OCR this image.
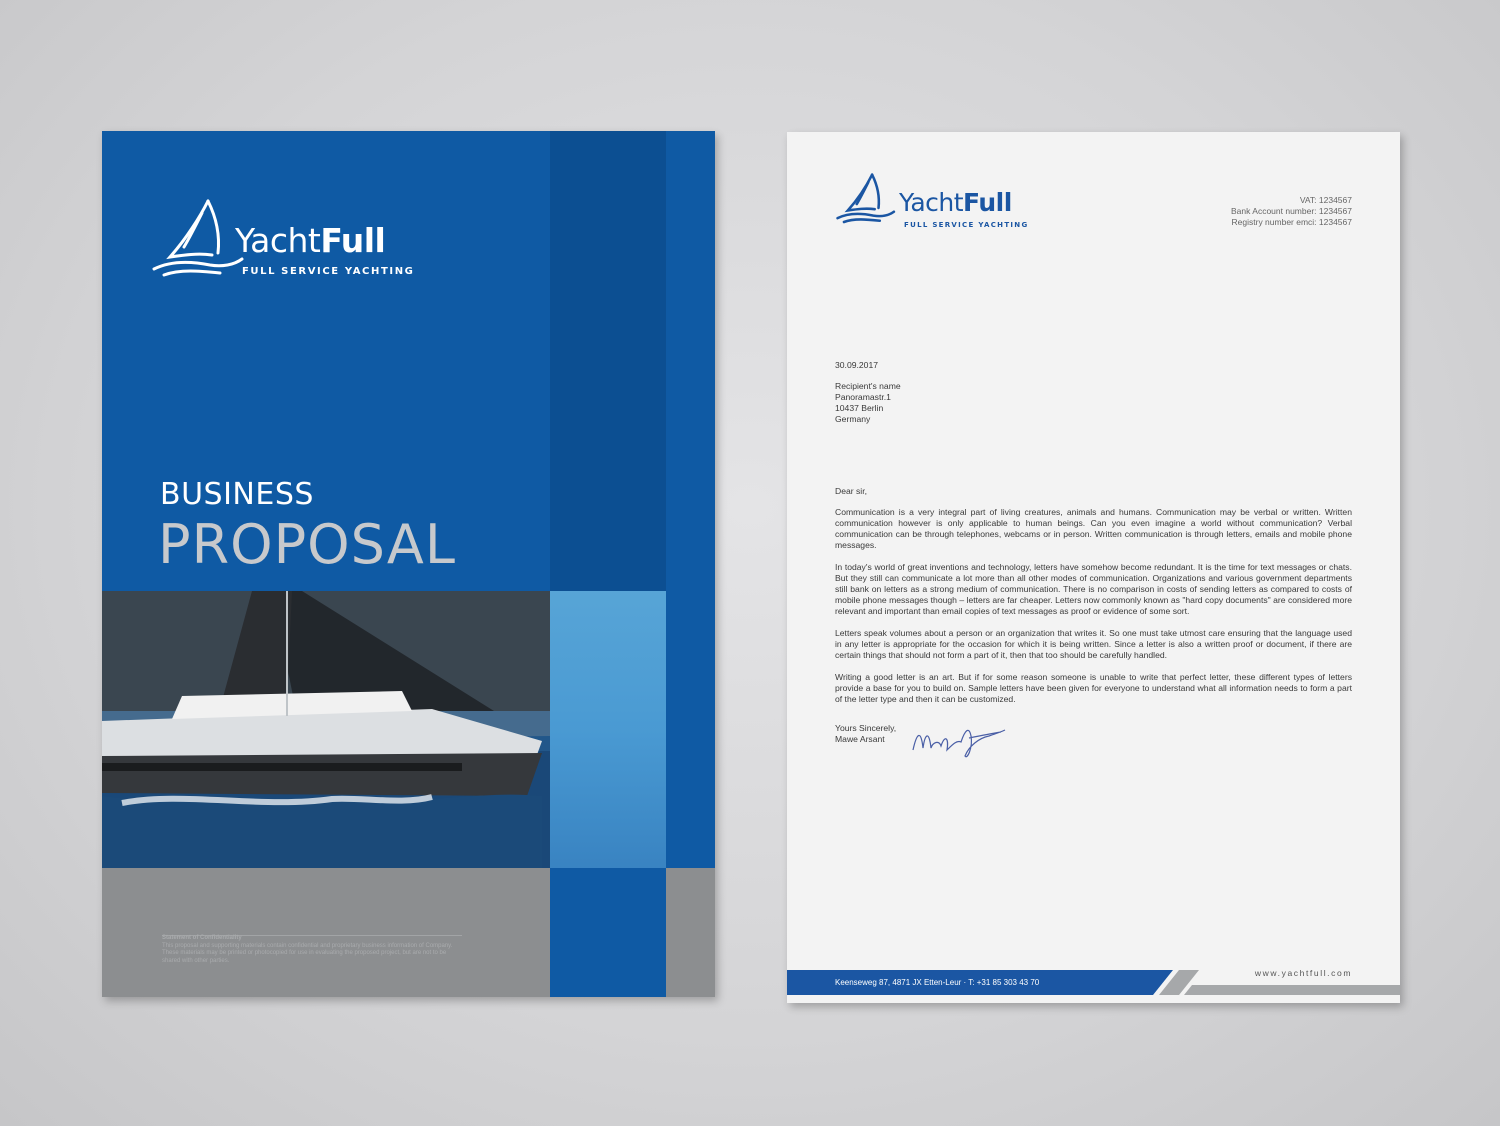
YachtFull
FULL SERVICE YACHTING
BUSINESS
PROPOSAL
Statement of Confidentiality
This proposal and supporting materials contain confidential and proprietary business information of Company. These materials may be printed or photocopied for use in evaluating the proposed project, but are not to be shared with other parties.
YachtFull
FULL SERVICE YACHTING
VAT: 1234567
Bank Account number: 1234567
Registry number emci: 1234567
30.09.2017
Recipient's name
Panoramastr.1
10437 Berlin
Germany
Dear sir,

Communication is a very integral part of living creatures, animals and humans. Communication may be verbal or written. Written communication however is only applicable to human beings. Can you even imagine a world without communication? Verbal communication can be through telephones, webcams or in person. Written communication is through letters, emails and mobile phone messages.

In today's world of great inventions and technology, letters have somehow become redundant. It is the time for text messages or chats. But they still can communicate a lot more than all other modes of communication. Organizations and various government departments still bank on letters as a strong medium of communication. There is no comparison in costs of sending letters as compared to costs of mobile phone messages though – letters are far cheaper. Letters now commonly known as "hard copy documents" are considered more relevant and important than email copies of text messages as proof or evidence of some sort.

Letters speak volumes about a person or an organization that writes it. So one must take utmost care ensuring that the language used in any letter is appropriate for the occasion for which it is being written. Since a letter is also a written proof or document, if there are certain things that should not form a part of it, then that too should be carefully handled.

Writing a good letter is an art. But if for some reason someone is unable to write that perfect letter, these different types of letters provide a base for you to build on. Sample letters have been given for everyone to understand what all information needs to form a part of the letter type and then it can be customized.

Yours Sincerely,
Mawe Arsant
Keenseweg 87, 4871 JX Etten-Leur · T: +31 85 303 43 70
www.yachtfull.com
